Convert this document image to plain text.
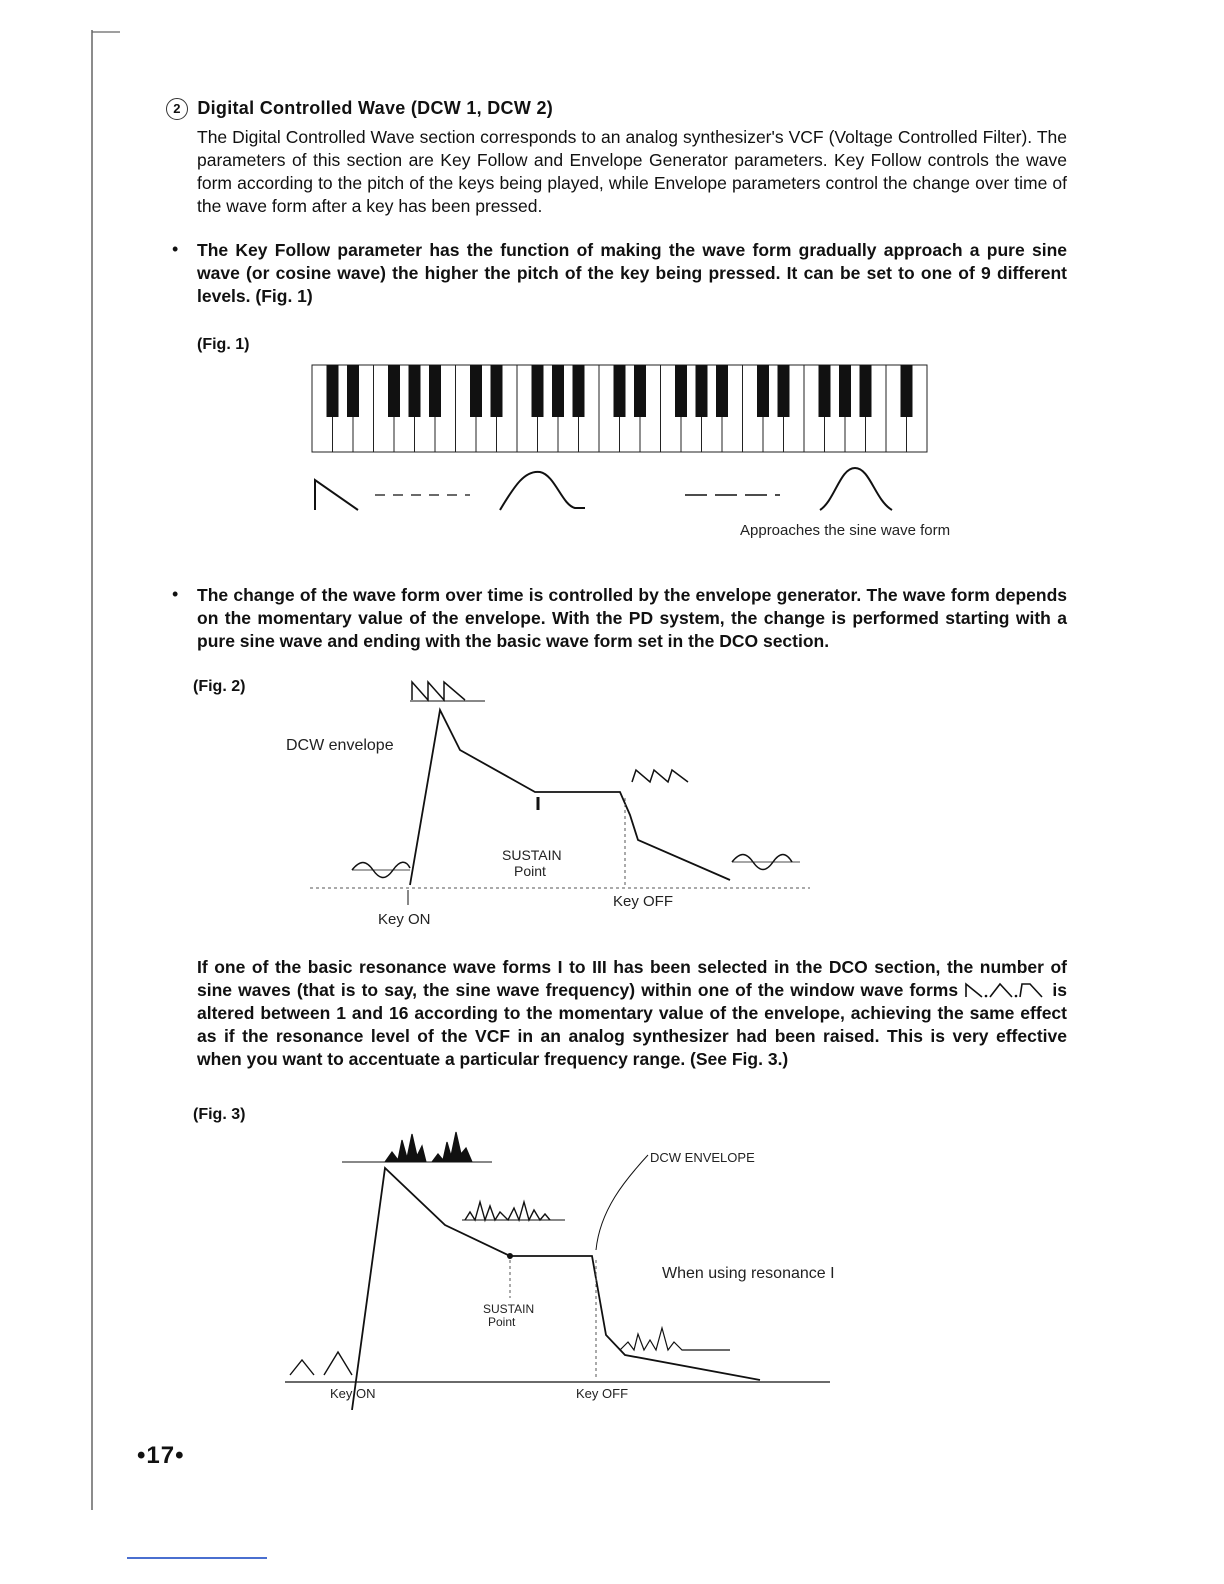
2 Digital Controlled Wave (DCW 1, DCW 2)
The Digital Controlled Wave section corresponds to an analog synthesizer's VCF (Voltage Controlled Filter). The parameters of this section are Key Follow and Envelope Generator parameters. Key Follow controls the wave form according to the pitch of the keys being played, while Envelope parameters control the change over time of the wave form after a key has been pressed.
• The Key Follow parameter has the function of making the wave form gradually approach a pure sine wave (or cosine wave) the higher the pitch of the key being pressed. It can be set to one of 9 different levels. (Fig. 1)
(Fig. 1)
Approaches the sine wave form
• The change of the wave form over time is controlled by the envelope generator. The wave form depends on the momentary value of the envelope. With the PD system, the change is performed starting with a pure sine wave and ending with the basic wave form set in the DCO section.
(Fig. 2)
DCW envelope
SUSTAIN
Point
Key ON
Key OFF
If one of the basic resonance wave forms I to III has been selected in the DCO section, the number of sine waves (that is to say, the sine wave frequency) within one of the window wave forms	is altered between 1 and 16 according to the momentary value of the envelope, achieving the same effect as if the resonance level of the VCF in an analog synthesizer had been raised. This is very effective when you want to accentuate a particular frequency range. (See Fig. 3.)
(Fig. 3)
DCW ENVELOPE
When using resonance I
SUSTAIN
Point
Key ON	Key OFF
•17•
